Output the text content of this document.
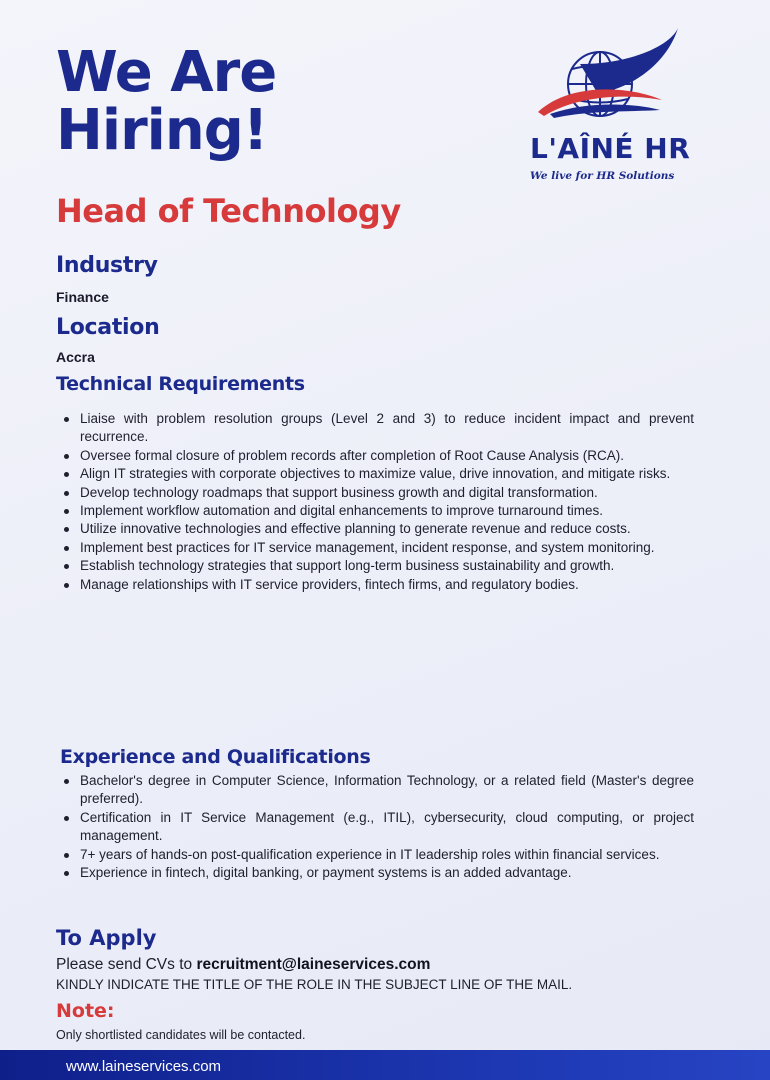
We Are
Hiring!	L'AÎNÉ HR
We live for HR Solutions
Head of Technology
Industry
Finance
Location
Accra
Technical Requirements
Liaise with problem resolution groups (Level 2 and 3) to reduce incident impact and prevent recurrence.
Oversee formal closure of problem records after completion of Root Cause Analysis (RCA).
Align IT strategies with corporate objectives to maximize value, drive innovation, and mitigate risks.
Develop technology roadmaps that support business growth and digital transformation.
Implement workflow automation and digital enhancements to improve turnaround times.
Utilize innovative technologies and effective planning to generate revenue and reduce costs.
Implement best practices for IT service management, incident response, and system monitoring.
Establish technology strategies that support long-term business sustainability and growth.
Manage relationships with IT service providers, fintech firms, and regulatory bodies.
Experience and Qualifications
Bachelor's degree in Computer Science, Information Technology, or a related field (Master's degree preferred).
Certification in IT Service Management (e.g., ITIL), cybersecurity, cloud computing, or project management.
7+ years of hands-on post-qualification experience in IT leadership roles within financial services.
Experience in fintech, digital banking, or payment systems is an added advantage.
To Apply
Please send CVs to recruitment@laineservices.com
KINDLY INDICATE THE TITLE OF THE ROLE IN THE SUBJECT LINE OF THE MAIL.
Note:
Only shortlisted candidates will be contacted.
www.laineservices.com
